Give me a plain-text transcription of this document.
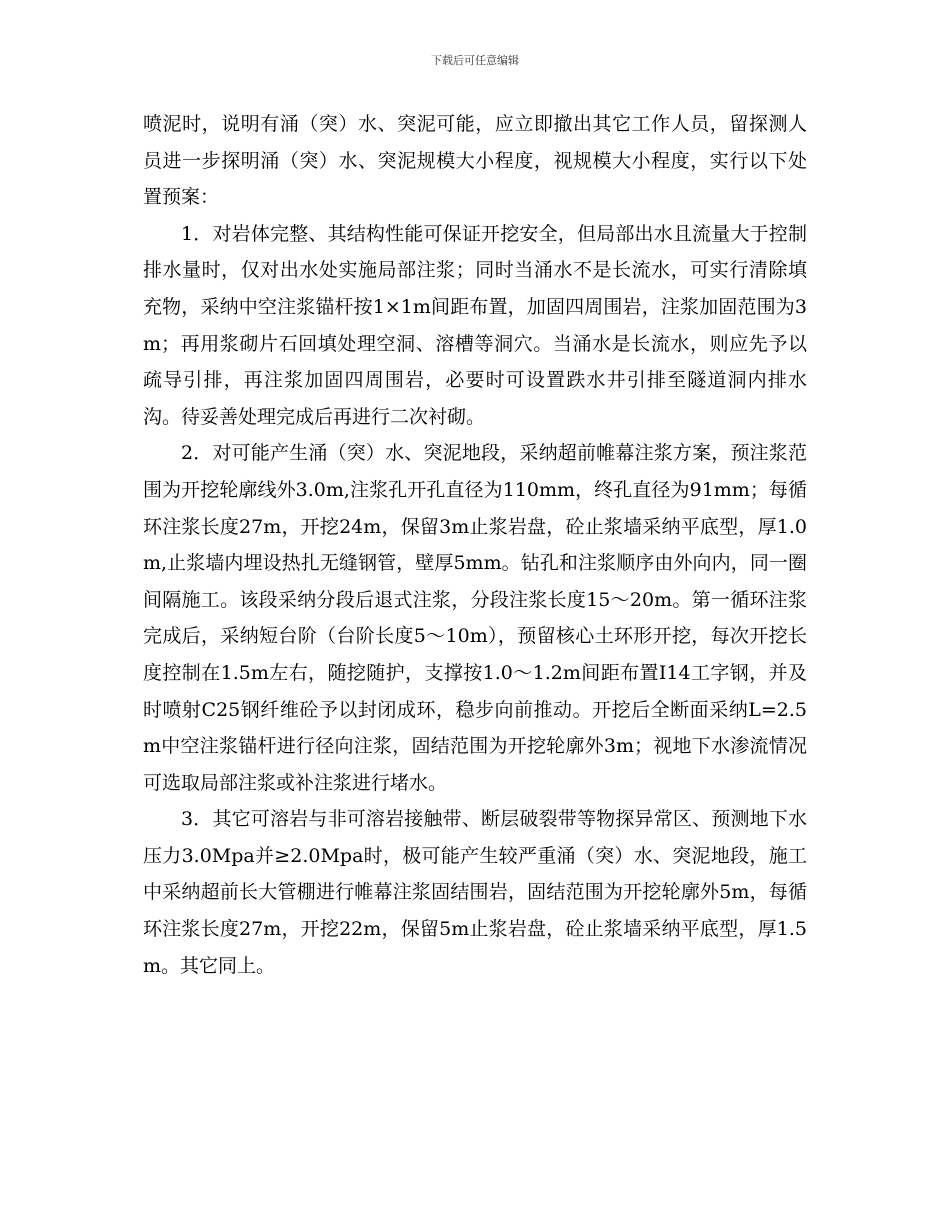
下载后可任意编辑

喷泥时，说明有涌（突）水、突泥可能，应立即撤出其它工作人员，留探测人员进一步探明涌（突）水、突泥规模大小程度，视规模大小程度，实行以下处置预案：

1．对岩体完整、其结构性能可保证开挖安全，但局部出水且流量大于控制排水量时，仅对出水处实施局部注浆；同时当涌水不是长流水，可实行清除填充物，采纳中空注浆锚杆按1×1m间距布置，加固四周围岩，注浆加固范围为3m；再用浆砌片石回填处理空洞、溶槽等洞穴。当涌水是长流水，则应先予以疏导引排，再注浆加固四周围岩，必要时可设置跌水井引排至隧道洞内排水沟。待妥善处理完成后再进行二次衬砌。

2．对可能产生涌（突）水、突泥地段，采纳超前帷幕注浆方案，预注浆范围为开挖轮廓线外3.0m,注浆孔开孔直径为110mm，终孔直径为91mm；每循环注浆长度27m，开挖24m，保留3m止浆岩盘，砼止浆墙采纳平底型，厚1.0m,止浆墙内埋设热扎无缝钢管，壁厚5mm。钻孔和注浆顺序由外向内，同一圈间隔施工。该段采纳分段后退式注浆，分段注浆长度15～20m。第一循环注浆完成后，采纳短台阶（台阶长度5～10m），预留核心土环形开挖，每次开挖长度控制在1.5m左右，随挖随护，支撑按1.0～1.2m间距布置I14工字钢，并及时喷射C25钢纤维砼予以封闭成环，稳步向前推动。开挖后全断面采纳L=2.5m中空注浆锚杆进行径向注浆，固结范围为开挖轮廓外3m；视地下水渗流情况可选取局部注浆或补注浆进行堵水。

3．其它可溶岩与非可溶岩接触带、断层破裂带等物探异常区、预测地下水压力3.0Mpa并≥2.0Mpa时，极可能产生较严重涌（突）水、突泥地段，施工中采纳超前长大管棚进行帷幕注浆固结围岩，固结范围为开挖轮廓外5m，每循环注浆长度27m，开挖22m，保留5m止浆岩盘，砼止浆墙采纳平底型，厚1.5m。其它同上。
